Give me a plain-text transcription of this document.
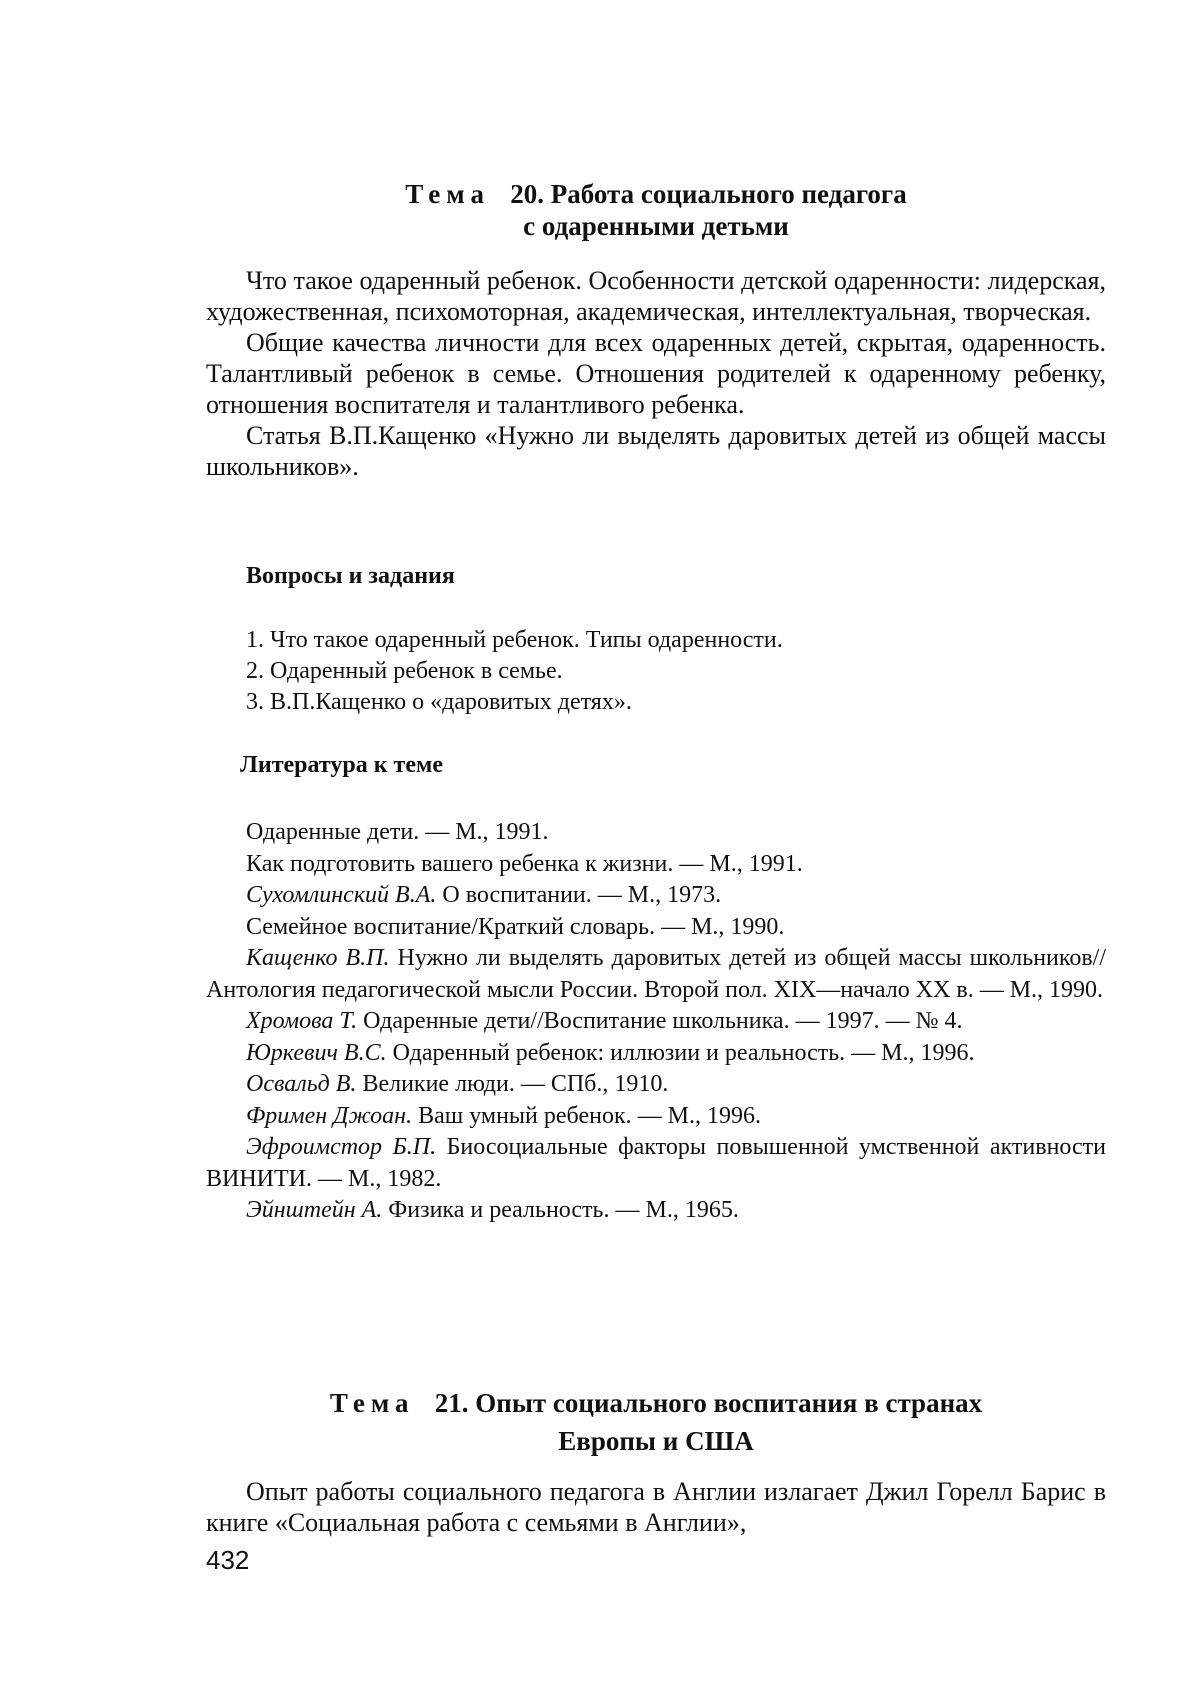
Тема 20. Работа социального педагога
с одаренными детьми

Что такое одаренный ребенок. Особенности детской одаренности: лидерская, художественная, психомоторная, академическая, интеллектуальная, творческая.

Общие качества личности для всех одаренных детей, скрытая, одаренность. Талантливый ребенок в семье. Отношения родителей к одаренному ребенку, отношения воспитателя и талантливого ребенка.

Статья В.П.Кащенко «Нужно ли выделять даровитых детей из общей массы школьников».

Вопросы и задания
1. Что такое одаренный ребенок. Типы одаренности.
2. Одаренный ребенок в семье.
3. В.П.Кащенко о «даровитых детях».
Литература к теме

Одаренные дети. — М., 1991.

Как подготовить вашего ребенка к жизни. — М., 1991.

Сухомлинский В.А. О воспитании. — М., 1973.

Семейное воспитание/Краткий словарь. — М., 1990.

Кащенко В.П. Нужно ли выделять даровитых детей из общей массы школьников//Антология педагогической мысли России. Второй пол. XIX—начало XX в. — М., 1990.

Хромова Т. Одаренные дети//Воспитание школьника. — 1997. — № 4.

Юркевич В.С. Одаренный ребенок: иллюзии и реальность. — М., 1996.

Освальд В. Великие люди. — СПб., 1910.

Фримен Джоан. Ваш умный ребенок. — М., 1996.

Эфроимстор Б.П. Биосоциальные факторы повышенной умственной активности ВИНИТИ. — М., 1982.

Эйнштейн А. Физика и реальность. — М., 1965.

Тема 21. Опыт социального воспитания в странах
Европы и США

Опыт работы социального педагога в Англии излагает Джил Горелл Барис в книге «Социальная работа с семьями в Англии»,

432
